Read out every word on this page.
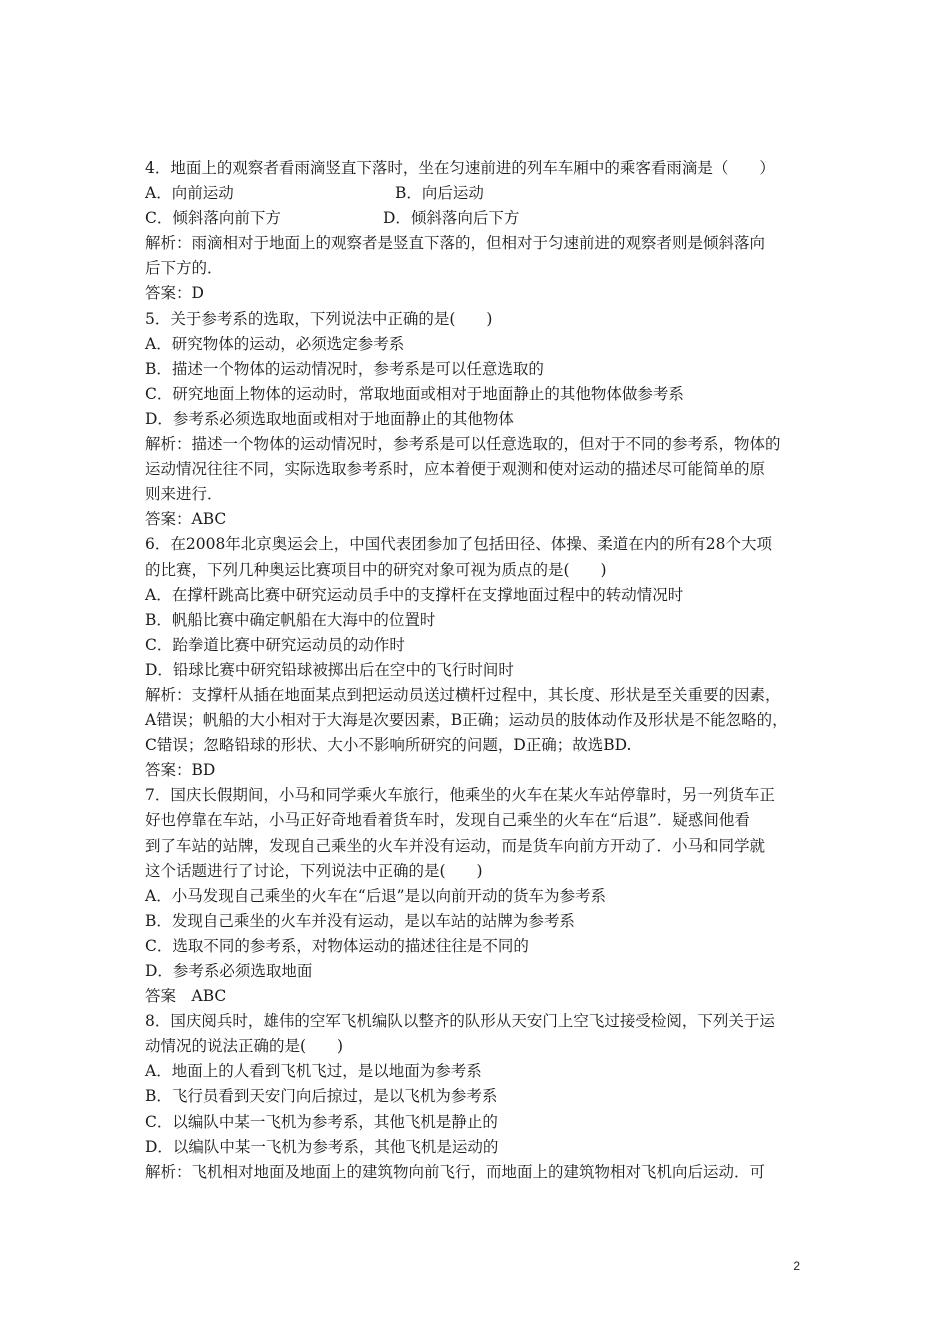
4．地面上的观察者看雨滴竖直下落时，坐在匀速前进的列车车厢中的乘客看雨滴是（　　）
A．向前运动	B．向后运动
C．倾斜落向前下方	D．倾斜落向后下方
解析：雨滴相对于地面上的观察者是竖直下落的，但相对于匀速前进的观察者则是倾斜落向
后下方的．
答案：D
5．关于参考系的选取，下列说法中正确的是(　　)
A．研究物体的运动，必须选定参考系
B．描述一个物体的运动情况时，参考系是可以任意选取的
C．研究地面上物体的运动时，常取地面或相对于地面静止的其他物体做参考系
D．参考系必须选取地面或相对于地面静止的其他物体
解析：描述一个物体的运动情况时，参考系是可以任意选取的，但对于不同的参考系，物体的
运动情况往往不同，实际选取参考系时，应本着便于观测和使对运动的描述尽可能简单的原
则来进行．
答案：ABC
6．在2008年北京奥运会上，中国代表团参加了包括田径、体操、柔道在内的所有28个大项
的比赛，下列几种奥运比赛项目中的研究对象可视为质点的是(　　)
A．在撑杆跳高比赛中研究运动员手中的支撑杆在支撑地面过程中的转动情况时
B．帆船比赛中确定帆船在大海中的位置时
C．跆拳道比赛中研究运动员的动作时
D．铅球比赛中研究铅球被掷出后在空中的飞行时间时
解析：支撑杆从插在地面某点到把运动员送过横杆过程中，其长度、形状是至关重要的因素，
A错误；帆船的大小相对于大海是次要因素，B正确；运动员的肢体动作及形状是不能忽略的，
C错误；忽略铅球的形状、大小不影响所研究的问题，D正确；故选BD.
答案：BD
7．国庆长假期间，小马和同学乘火车旅行，他乘坐的火车在某火车站停靠时，另一列货车正
好也停靠在车站，小马正好奇地看着货车时，发现自己乘坐的火车在“后退”．疑惑间他看
到了车站的站牌，发现自己乘坐的火车并没有运动，而是货车向前方开动了．小马和同学就
这个话题进行了讨论，下列说法中正确的是(　　)
A．小马发现自己乘坐的火车在“后退”是以向前开动的货车为参考系
B．发现自己乘坐的火车并没有运动，是以车站的站牌为参考系
C．选取不同的参考系，对物体运动的描述往往是不同的
D．参考系必须选取地面
答案　ABC
8．国庆阅兵时，雄伟的空军飞机编队以整齐的队形从天安门上空飞过接受检阅，下列关于运
动情况的说法正确的是(　　)
A．地面上的人看到飞机飞过，是以地面为参考系
B．飞行员看到天安门向后掠过，是以飞机为参考系
C．以编队中某一飞机为参考系，其他飞机是静止的
D．以编队中某一飞机为参考系，其他飞机是运动的
解析：飞机相对地面及地面上的建筑物向前飞行，而地面上的建筑物相对飞机向后运动．可
2
